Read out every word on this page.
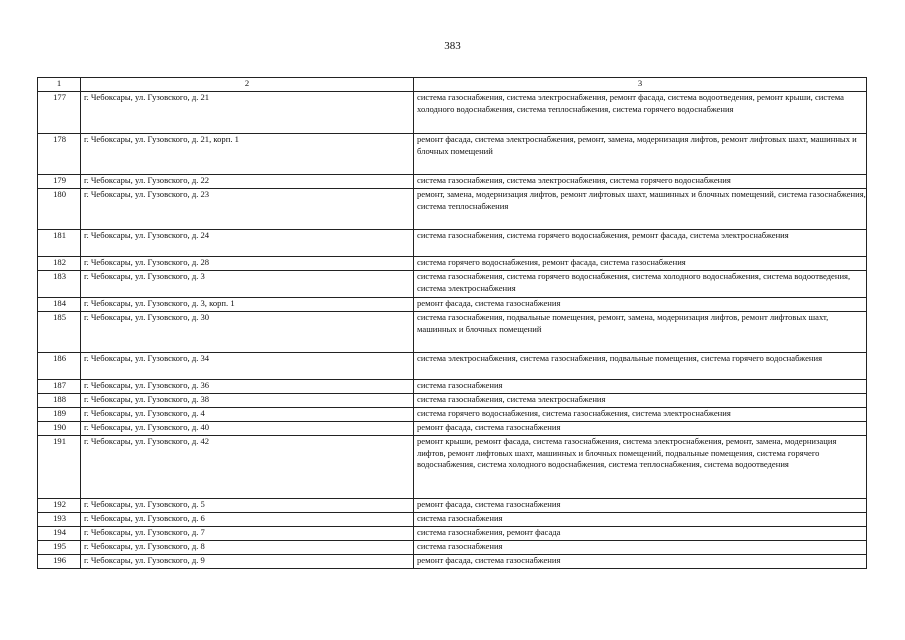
383
1	2	3
177	г. Чебоксары, ул. Гузовского, д. 21	система газоснабжения, система электроснабжения, ремонт фасада, система водоотведения, ремонт крыши, система холодного водоснабжения, система теплоснабжения, система горячего водоснабжения
178	г. Чебоксары, ул. Гузовского, д. 21, корп. 1	ремонт фасада, система электроснабжения, ремонт, замена, модернизация лифтов, ремонт лифтовых шахт, машинных и блочных помещений
179	г. Чебоксары, ул. Гузовского, д. 22	система газоснабжения, система электроснабжения, система горячего водоснабжения
180	г. Чебоксары, ул. Гузовского, д. 23	ремонт, замена, модернизация лифтов, ремонт лифтовых шахт, машинных и блочных помещений, система газоснабжения, система теплоснабжения
181	г. Чебоксары, ул. Гузовского, д. 24	система газоснабжения, система горячего водоснабжения, ремонт фасада, система электроснабжения
182	г. Чебоксары, ул. Гузовского, д. 28	система горячего водоснабжения, ремонт фасада, система газоснабжения
183	г. Чебоксары, ул. Гузовского, д. 3	система газоснабжения, система горячего водоснабжения, система холодного водоснабжения, система водоотведения, система электроснабжения
184	г. Чебоксары, ул. Гузовского, д. 3, корп. 1	ремонт фасада, система газоснабжения
185	г. Чебоксары, ул. Гузовского, д. 30	система газоснабжения, подвальные помещения, ремонт, замена, модернизация лифтов, ремонт лифтовых шахт, машинных и блочных помещений
186	г. Чебоксары, ул. Гузовского, д. 34	система электроснабжения, система газоснабжения, подвальные помещения, система горячего водоснабжения
187	г. Чебоксары, ул. Гузовского, д. 36	система газоснабжения
188	г. Чебоксары, ул. Гузовского, д. 38	система газоснабжения, система электроснабжения
189	г. Чебоксары, ул. Гузовского, д. 4	система горячего водоснабжения, система газоснабжения, система электроснабжения
190	г. Чебоксары, ул. Гузовского, д. 40	ремонт фасада, система газоснабжения
191	г. Чебоксары, ул. Гузовского, д. 42	ремонт крыши, ремонт фасада, система газоснабжения, система электроснабжения, ремонт, замена, модернизация лифтов, ремонт лифтовых шахт, машинных и блочных помещений, подвальные помещения, система горячего водоснабжения, система холодного водоснабжения, система теплоснабжения, система водоотведения
192	г. Чебоксары, ул. Гузовского, д. 5	ремонт фасада, система газоснабжения
193	г. Чебоксары, ул. Гузовского, д. 6	система газоснабжения
194	г. Чебоксары, ул. Гузовского, д. 7	система газоснабжения, ремонт фасада
195	г. Чебоксары, ул. Гузовского, д. 8	система газоснабжения
196	г. Чебоксары, ул. Гузовского, д. 9	ремонт фасада, система газоснабжения
